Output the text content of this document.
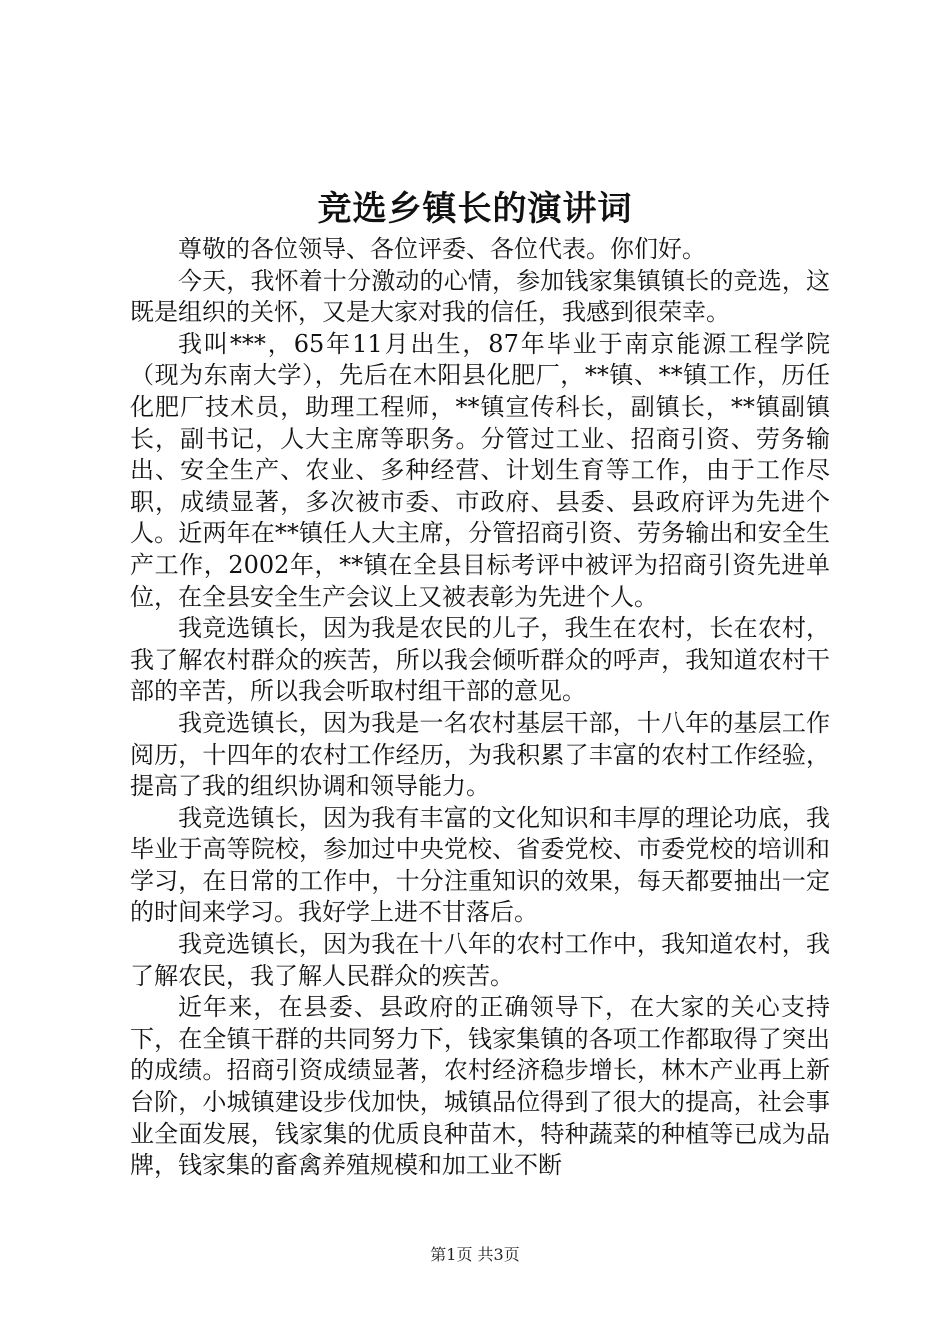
竞选乡镇长的演讲词

尊敬的各位领导、各位评委、各位代表。你们好。

今天，我怀着十分激动的心情，参加钱家集镇镇长的竞选，这既是组织的关怀，又是大家对我的信任，我感到很荣幸。

我叫***，65年11月出生，87年毕业于南京能源工程学院（现为东南大学），先后在木阳县化肥厂，**镇、**镇工作，历任化肥厂技术员，助理工程师，**镇宣传科长，副镇长，**镇副镇长，副书记，人大主席等职务。分管过工业、招商引资、劳务输出、安全生产、农业、多种经营、计划生育等工作，由于工作尽职，成绩显著，多次被市委、市政府、县委、县政府评为先进个人。近两年在**镇任人大主席，分管招商引资、劳务输出和安全生产工作，2002年，**镇在全县目标考评中被评为招商引资先进单位，在全县安全生产会议上又被表彰为先进个人。

我竞选镇长，因为我是农民的儿子，我生在农村，长在农村，我了解农村群众的疾苦，所以我会倾听群众的呼声，我知道农村干部的辛苦，所以我会听取村组干部的意见。

我竞选镇长，因为我是一名农村基层干部，十八年的基层工作阅历，十四年的农村工作经历，为我积累了丰富的农村工作经验，提高了我的组织协调和领导能力。

我竞选镇长，因为我有丰富的文化知识和丰厚的理论功底，我毕业于高等院校，参加过中央党校、省委党校、市委党校的培训和学习，在日常的工作中，十分注重知识的效果，每天都要抽出一定的时间来学习。我好学上进不甘落后。

我竞选镇长，因为我在十八年的农村工作中，我知道农村，我了解农民，我了解人民群众的疾苦。

近年来，在县委、县政府的正确领导下，在大家的关心支持下，在全镇干群的共同努力下，钱家集镇的各项工作都取得了突出的成绩。招商引资成绩显著，农村经济稳步增长，林木产业再上新台阶，小城镇建设步伐加快，城镇品位得到了很大的提高，社会事业全面发展，钱家集的优质良种苗木，特种蔬菜的种植等已成为品牌，钱家集的畜禽养殖规模和加工业不断

第1页 共3页
